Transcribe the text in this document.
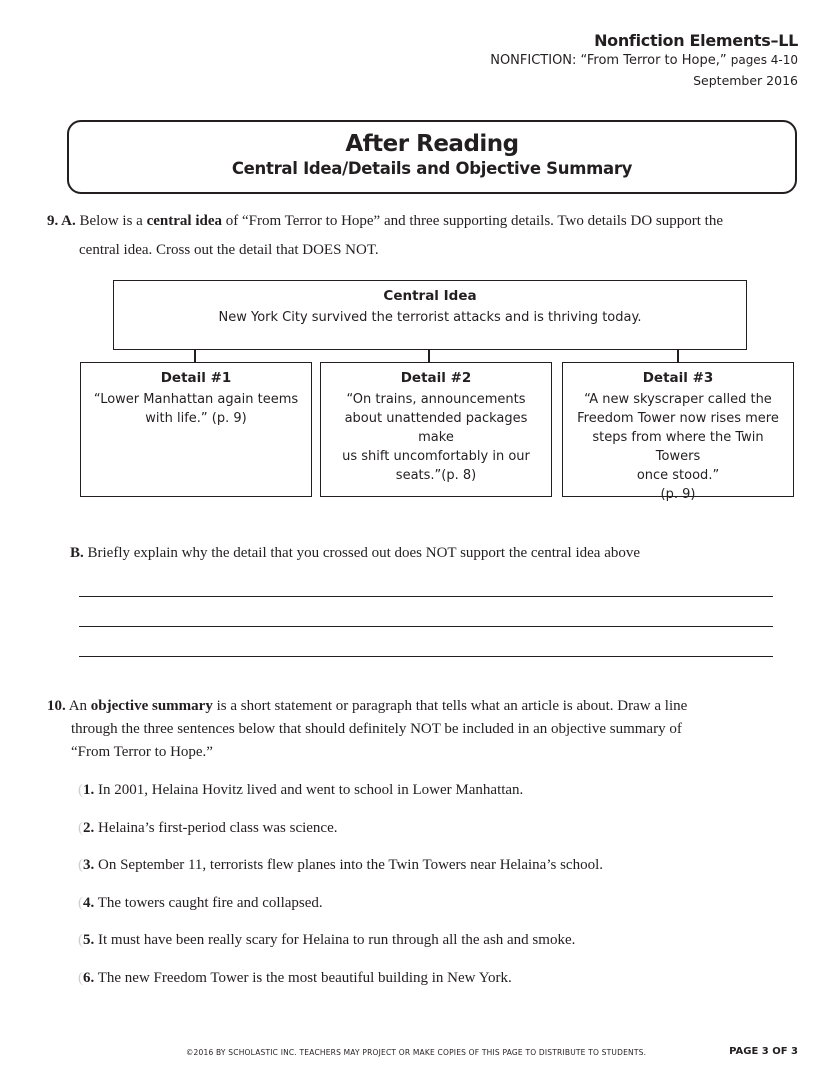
Nonfiction Elements–LL
NONFICTION: “From Terror to Hope,” pages 4-10
September 2016
After Reading
Central Idea/Details and Objective Summary
9. A. Below is a central idea of “From Terror to Hope” and three supporting details. Two details DO support the
central idea. Cross out the detail that DOES NOT.
Central Idea
New York City survived the terrorist attacks and is thriving today.
Detail #1
“Lower Manhattan again teems
with life.” (p. 9)
Detail #2
“On trains, announcements
about unattended packages make
us shift uncomfortably in our
seats.”(p. 8)
Detail #3
“A new skyscraper called the
Freedom Tower now rises mere
steps from where the Twin Towers
once stood.”
(p. 9)
B. Briefly explain why the detail that you crossed out does NOT support the central idea above
10. An objective summary is a short statement or paragraph that tells what an article is about. Draw a line
through the three sentences below that should definitely NOT be included in an objective summary of
“From Terror to Hope.”
(1. In 2001, Helaina Hovitz lived and went to school in Lower Manhattan.
(2. Helaina’s first-period class was science.
(3. On September 11, terrorists flew planes into the Twin Towers near Helaina’s school.
(4. The towers caught fire and collapsed.
(5. It must have been really scary for Helaina to run through all the ash and smoke.
(6. The new Freedom Tower is the most beautiful building in New York.
©2016 BY SCHOLASTIC INC. TEACHERS MAY PROJECT OR MAKE COPIES OF THIS PAGE TO DISTRIBUTE TO STUDENTS.	PAGE 3 OF 3
